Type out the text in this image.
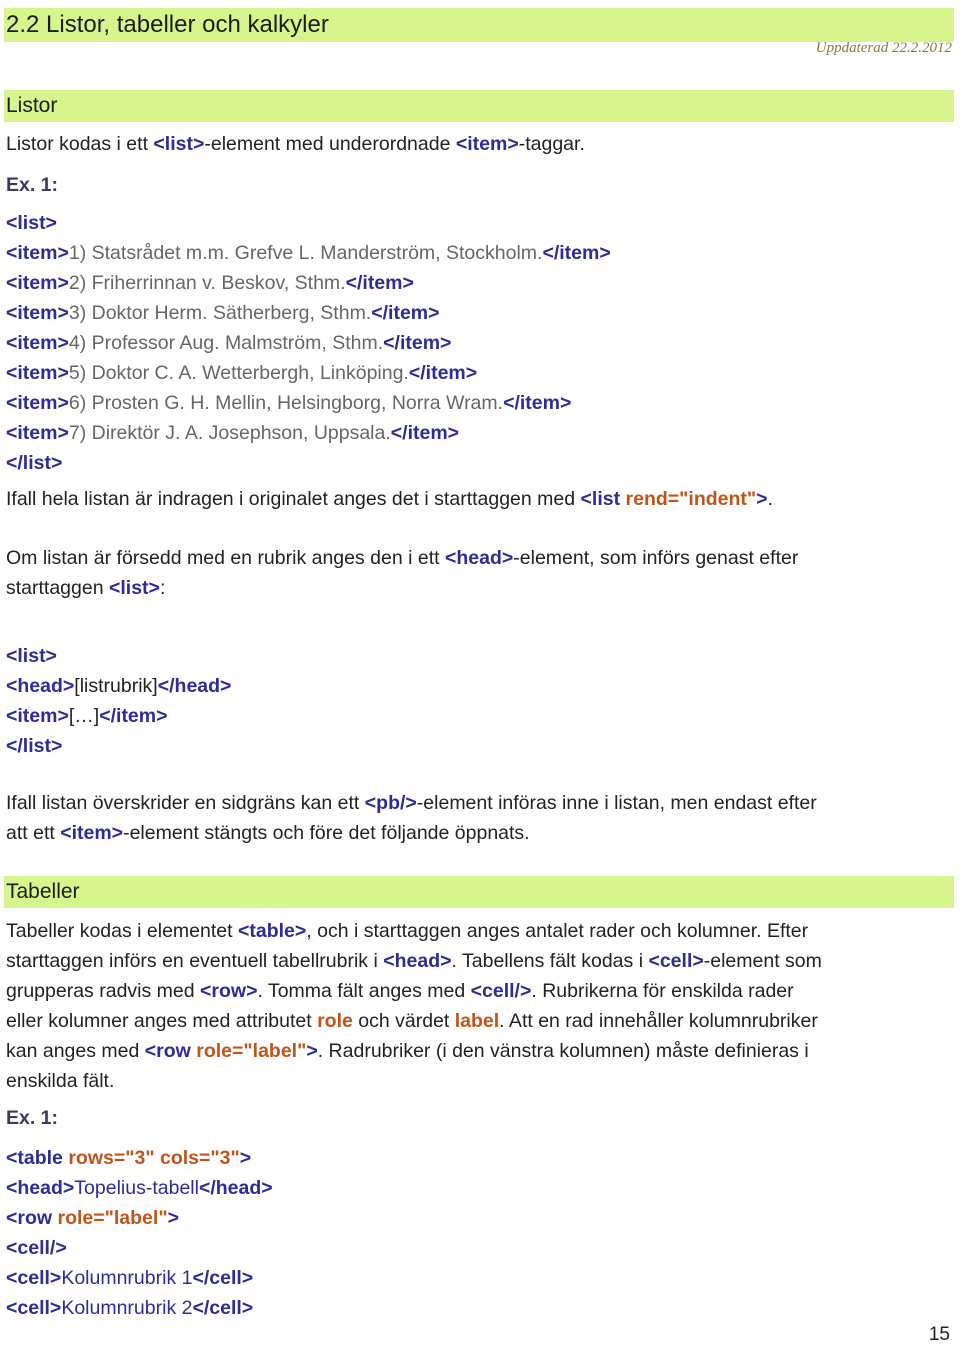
2.2 Listor, tabeller och kalkyler
Uppdaterad 22.2.2012
Listor
Listor kodas i ett <list>-element med underordnade <item>-taggar.
Ex. 1:
<list>
<item>1) Statsrådet m.m. Grefve L. Manderström, Stockholm.</item>
<item>2) Friherrinnan v. Beskov, Sthm.</item>
<item>3) Doktor Herm. Sätherberg, Sthm.</item>
<item>4) Professor Aug. Malmström, Sthm.</item>
<item>5) Doktor C. A. Wetterbergh, Linköping.</item>
<item>6) Prosten G. H. Mellin, Helsingborg, Norra Wram.</item>
<item>7) Direktör J. A. Josephson, Uppsala.</item>
</list>
Ifall hela listan är indragen i originalet anges det i starttaggen med <list rend="indent">.
Om listan är försedd med en rubrik anges den i ett <head>-element, som införs genast efter
starttaggen <list>:
<list>
<head>[listrubrik]</head>
<item>[…]</item>
</list>
Ifall listan överskrider en sidgräns kan ett <pb/>-element införas inne i listan, men endast efter
att ett <item>-element stängts och före det följande öppnats.
Tabeller
Tabeller kodas i elementet <table>, och i starttaggen anges antalet rader och kolumner. Efter
starttaggen införs en eventuell tabellrubrik i <head>. Tabellens fält kodas i <cell>-element som
grupperas radvis med <row>. Tomma fält anges med <cell/>. Rubrikerna för enskilda rader
eller kolumner anges med attributet role och värdet label. Att en rad innehåller kolumnrubriker
kan anges med <row role="label">. Radrubriker (i den vänstra kolumnen) måste definieras i
enskilda fält.
Ex. 1:
<table rows="3" cols="3">
<head>Topelius-tabell</head>
<row role="label">
<cell/>
<cell>Kolumnrubrik 1</cell>
<cell>Kolumnrubrik 2</cell>
15
